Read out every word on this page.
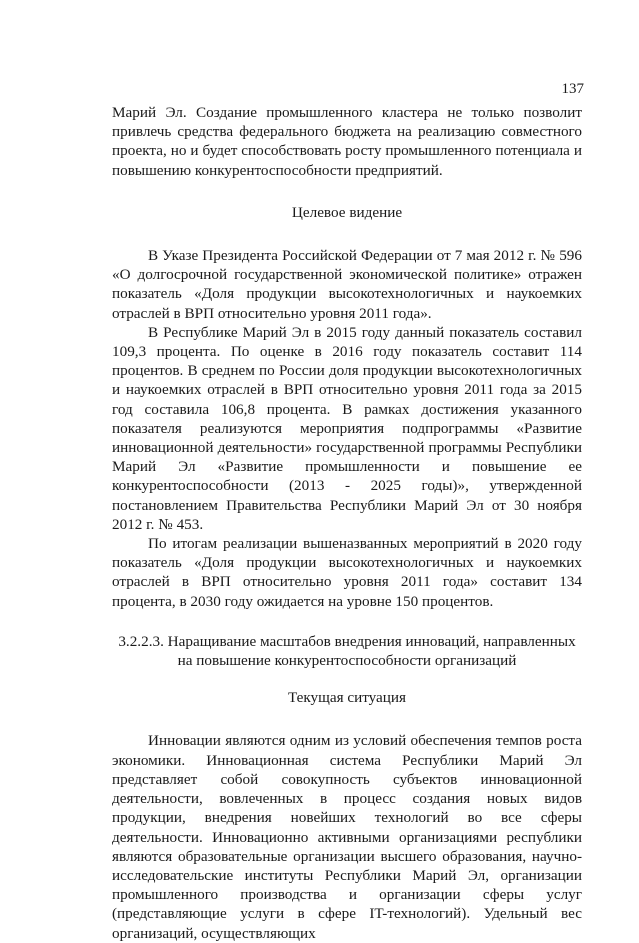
137

Марий Эл. Создание промышленного кластера не только позволит привлечь средства федерального бюджета на реализацию совместного проекта, но и будет способствовать росту промышленного потенциала и повышению конкурентоспособности предприятий.

Целевое видение

В Указе Президента Российской Федерации от 7 мая 2012 г. № 596 «О долгосрочной государственной экономической политике» отражен показатель «Доля продукции высокотехнологичных и наукоемких отраслей в ВРП относительно уровня 2011 года».

В Республике Марий Эл в 2015 году данный показатель составил 109,3 процента. По оценке в 2016 году показатель составит 114 процентов. В среднем по России доля продукции высокотехнологичных и наукоемких отраслей в ВРП относительно уровня 2011 года за 2015 год составила 106,8 процента. В рамках достижения указанного показателя реализуются мероприятия подпрограммы «Развитие инновационной деятельности» государственной программы Республики Марий Эл «Развитие промышленности и повышение ее конкурентоспособности (2013 - 2025 годы)», утвержденной постановлением Правительства Республики Марий Эл от 30 ноября 2012 г. № 453.

По итогам реализации вышеназванных мероприятий в 2020 году показатель «Доля продукции высокотехнологичных и наукоемких отраслей в ВРП относительно уровня 2011 года» составит 134 процента, в 2030 году ожидается на уровне 150 процентов.

3.2.2.3. Наращивание масштабов внедрения инноваций, направленных

на повышение конкурентоспособности организаций

Текущая ситуация

Инновации являются одним из условий обеспечения темпов роста экономики. Инновационная система Республики Марий Эл представляет собой совокупность субъектов инновационной деятельности, вовлеченных в процесс создания новых видов продукции, внедрения новейших технологий во все сферы деятельности. Инновационно активными организациями республики являются образовательные организации высшего образования, научно-исследовательские институты Республики Марий Эл, организации промышленного производства и организации сферы услуг (представляющие услуги в сфере IT-технологий). Удельный вес организаций, осуществляющих
